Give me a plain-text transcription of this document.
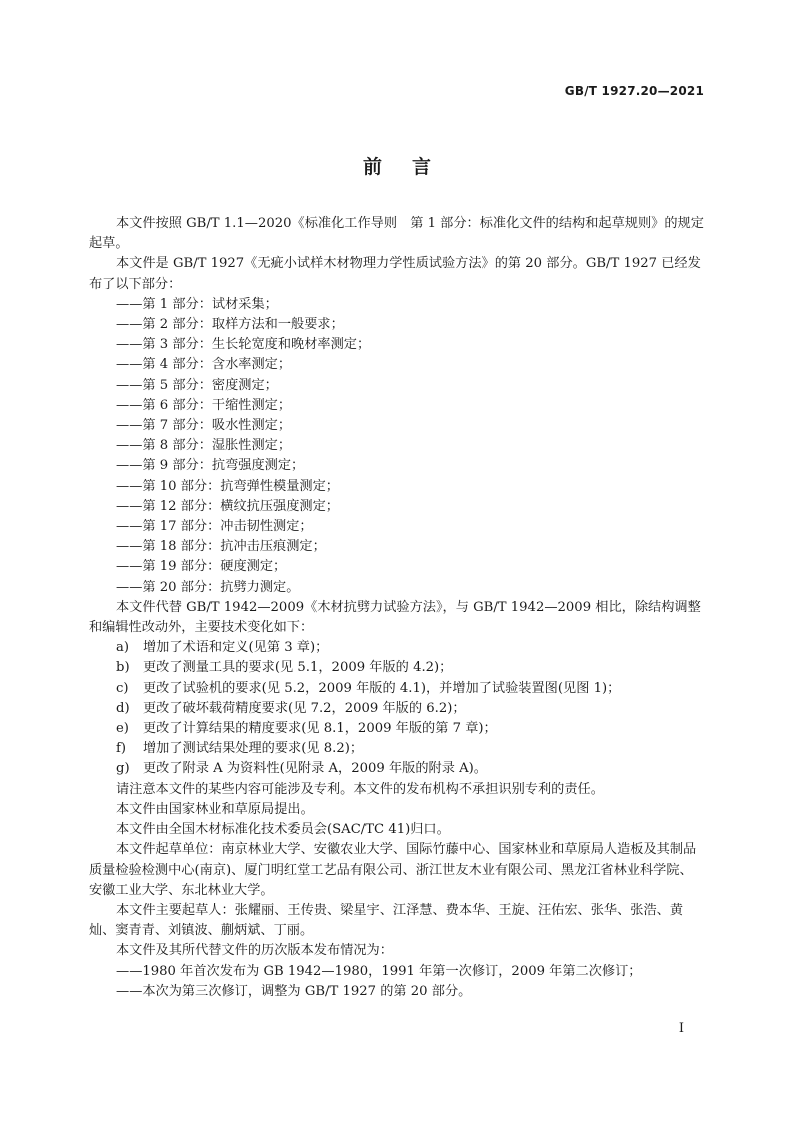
GB/T 1927.20—2021
前言

本文件按照 GB/T 1.1—2020《标准化工作导则　第 1 部分：标准化文件的结构和起草规则》的规定起草。

本文件是 GB/T 1927《无疵小试样木材物理力学性质试验方法》的第 20 部分。GB/T 1927 已经发布了以下部分：

——第 1 部分：试材采集；

——第 2 部分：取样方法和一般要求；

——第 3 部分：生长轮宽度和晚材率测定；

——第 4 部分：含水率测定；

——第 5 部分：密度测定；

——第 6 部分：干缩性测定；

——第 7 部分：吸水性测定；

——第 8 部分：湿胀性测定；

——第 9 部分：抗弯强度测定；

——第 10 部分：抗弯弹性模量测定；

——第 12 部分：横纹抗压强度测定；

——第 17 部分：冲击韧性测定；

——第 18 部分：抗冲击压痕测定；

——第 19 部分：硬度测定；

——第 20 部分：抗劈力测定。

本文件代替 GB/T 1942—2009《木材抗劈力试验方法》，与 GB/T 1942—2009 相比，除结构调整和编辑性改动外，主要技术变化如下：

a) 增加了术语和定义(见第 3 章)；

b) 更改了测量工具的要求(见 5.1，2009 年版的 4.2)；

c) 更改了试验机的要求(见 5.2，2009 年版的 4.1)，并增加了试验装置图(见图 1)；

d) 更改了破坏载荷精度要求(见 7.2，2009 年版的 6.2)；

e) 更改了计算结果的精度要求(见 8.1，2009 年版的第 7 章)；

f) 增加了测试结果处理的要求(见 8.2)；

g) 更改了附录 A 为资料性(见附录 A，2009 年版的附录 A)。

请注意本文件的某些内容可能涉及专利。本文件的发布机构不承担识别专利的责任。

本文件由国家林业和草原局提出。

本文件由全国木材标准化技术委员会(SAC/TC 41)归口。

本文件起草单位：南京林业大学、安徽农业大学、国际竹藤中心、国家林业和草原局人造板及其制品质量检验检测中心(南京)、厦门明红堂工艺品有限公司、浙江世友木业有限公司、黑龙江省林业科学院、安徽工业大学、东北林业大学。

本文件主要起草人：张耀丽、王传贵、梁星宇、江泽慧、费本华、王旋、汪佑宏、张华、张浩、黄灿、窦青青、刘镇波、蒯炳斌、丁丽。

本文件及其所代替文件的历次版本发布情况为：

——1980 年首次发布为 GB 1942—1980，1991 年第一次修订，2009 年第二次修订；

——本次为第三次修订，调整为 GB/T 1927 的第 20 部分。

I
